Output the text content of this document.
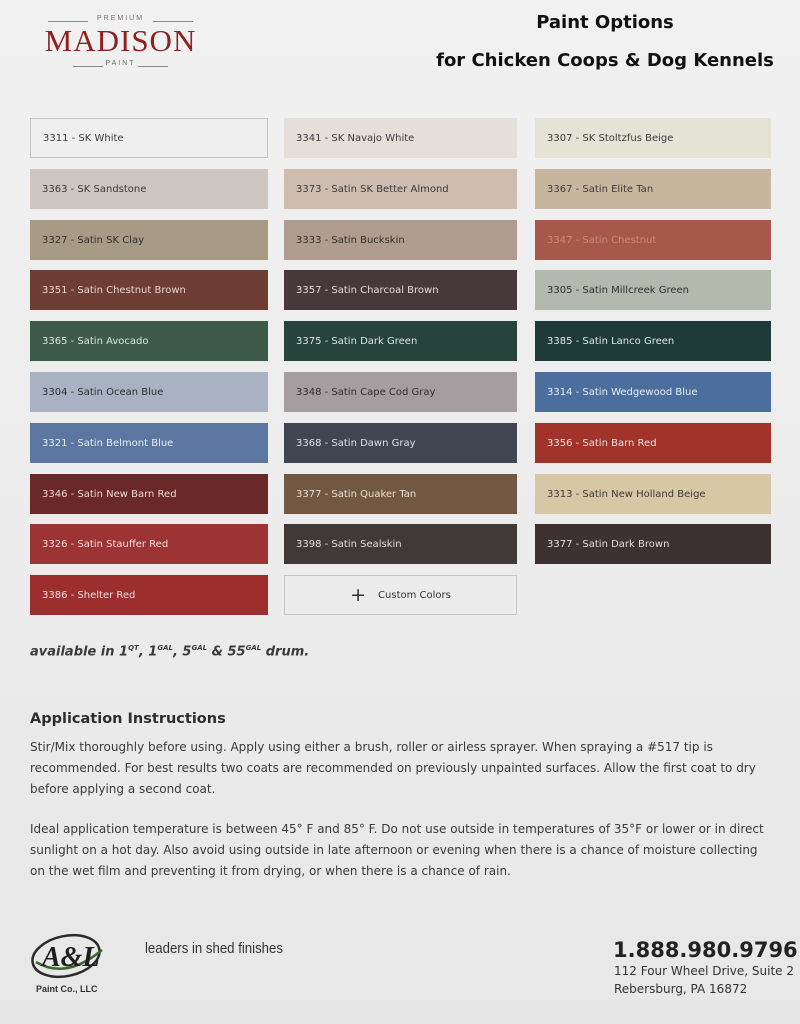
PREMIUM
MADISON
PAINT
Paint Options
for Chicken Coops & Dog Kennels
3311 - SK White
3363 - SK Sandstone
3327 - Satin SK Clay
3351 - Satin Chestnut Brown
3365 - Satin Avocado
3304 - Satin Ocean Blue
3321 - Satin Belmont Blue
3346 - Satin New Barn Red
3326 - Satin Stauffer Red
3386 - Shelter Red
3341 - SK Navajo White
3373 - Satin SK Better Almond
3333 - Satin Buckskin
3357 - Satin Charcoal Brown
3375 - Satin Dark Green
3348 - Satin Cape Cod Gray
3368 - Satin Dawn Gray
3377 - Satin Quaker Tan
3398 - Satin Sealskin
3307 - SK Stoltzfus Beige
3367 - Satin Elite Tan
3347 - Satin Chestnut
3305 - Satin Millcreek Green
3385 - Satin Lanco Green
3314 - Satin Wedgewood Blue
3356 - Satin Barn Red
3313 - Satin New Holland Beige
3377 - Satin Dark Brown
+ Custom Colors
available in $1^{QT}$, $1^{GAL}$, $5^{GAL}$ & $55^{GAL}$ drum.
Application Instructions
Stir/Mix thoroughly before using. Apply using either a brush, roller or airless sprayer. When spraying a #517 tip is recommended. For best results two coats are recommended on previously unpainted surfaces. Allow the first coat to dry before applying a second coat.
Ideal application temperature is between 45° F and 85° F. Do not use outside in temperatures of 35°F or lower or in direct sunlight on a hot day. Also avoid using outside in late afternoon or evening when there is a chance of moisture collecting on the wet film and preventing it from drying, or when there is a chance of rain.
A&L
Paint Co., LLC
leaders in shed finishes	1.888.980.9796
112 Four Wheel Drive, Suite 2
Rebersburg, PA 16872
